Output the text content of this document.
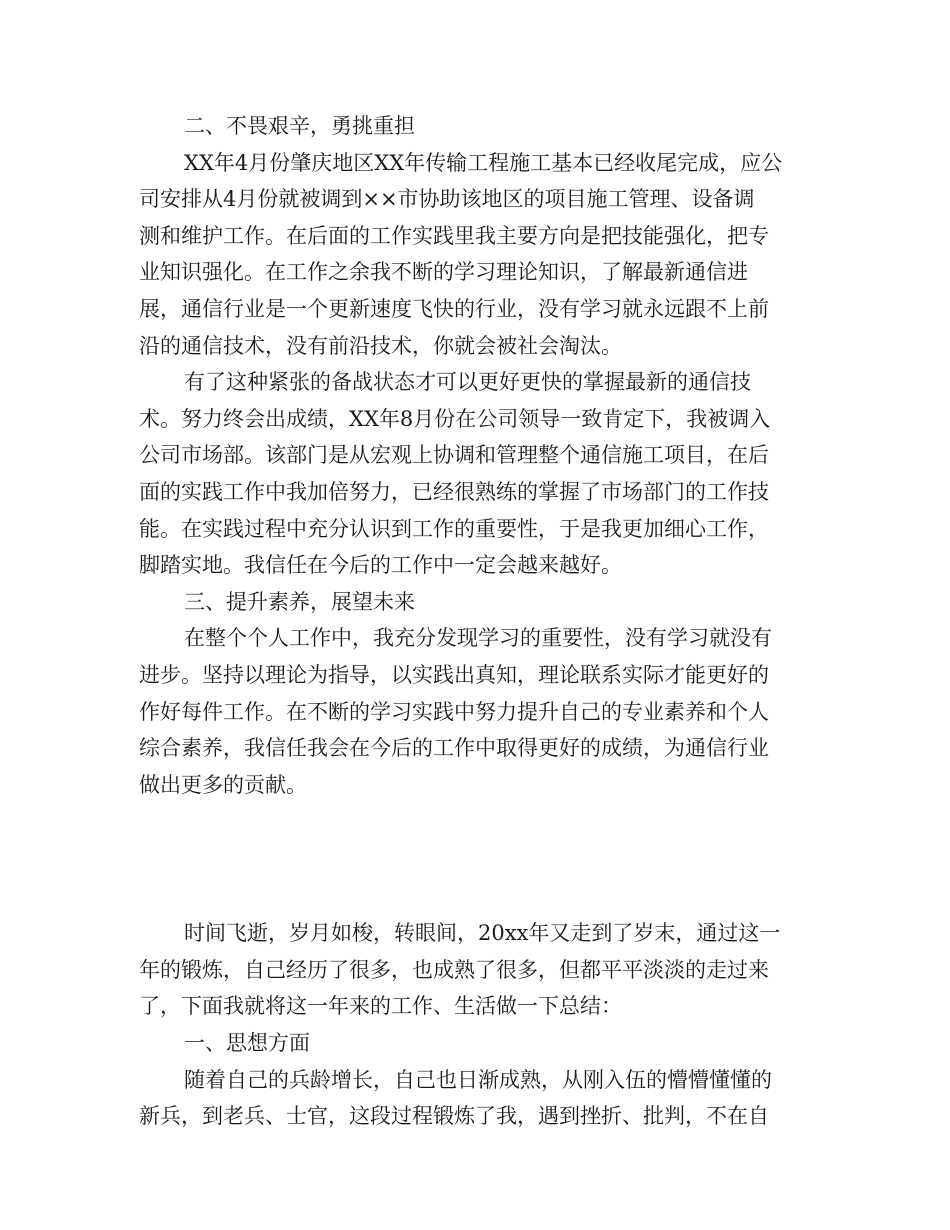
二、不畏艰辛，勇挑重担
XX年4月份肇庆地区XX年传输工程施工基本已经收尾完成，应公
司安排从4月份就被调到××市协助该地区的项目施工管理、设备调
测和维护工作。在后面的工作实践里我主要方向是把技能强化，把专
业知识强化。在工作之余我不断的学习理论知识，了解最新通信进
展，通信行业是一个更新速度飞快的行业，没有学习就永远跟不上前
沿的通信技术，没有前沿技术，你就会被社会淘汰。
有了这种紧张的备战状态才可以更好更快的掌握最新的通信技
术。努力终会出成绩，XX年8月份在公司领导一致肯定下，我被调入
公司市场部。该部门是从宏观上协调和管理整个通信施工项目，在后
面的实践工作中我加倍努力，已经很熟练的掌握了市场部门的工作技
能。在实践过程中充分认识到工作的重要性，于是我更加细心工作，
脚踏实地。我信任在今后的工作中一定会越来越好。
三、提升素养，展望未来
在整个个人工作中，我充分发现学习的重要性，没有学习就没有
进步。坚持以理论为指导，以实践出真知，理论联系实际才能更好的
作好每件工作。在不断的学习实践中努力提升自己的专业素养和个人
综合素养，我信任我会在今后的工作中取得更好的成绩，为通信行业
做出更多的贡献。
时间飞逝，岁月如梭，转眼间，20xx年又走到了岁末，通过这一
年的锻炼，自己经历了很多，也成熟了很多，但都平平淡淡的走过来
了，下面我就将这一年来的工作、生活做一下总结：
一、思想方面
随着自己的兵龄增长，自己也日渐成熟，从刚入伍的懵懵懂懂的
新兵，到老兵、士官，这段过程锻炼了我，遇到挫折、批判，不在自
